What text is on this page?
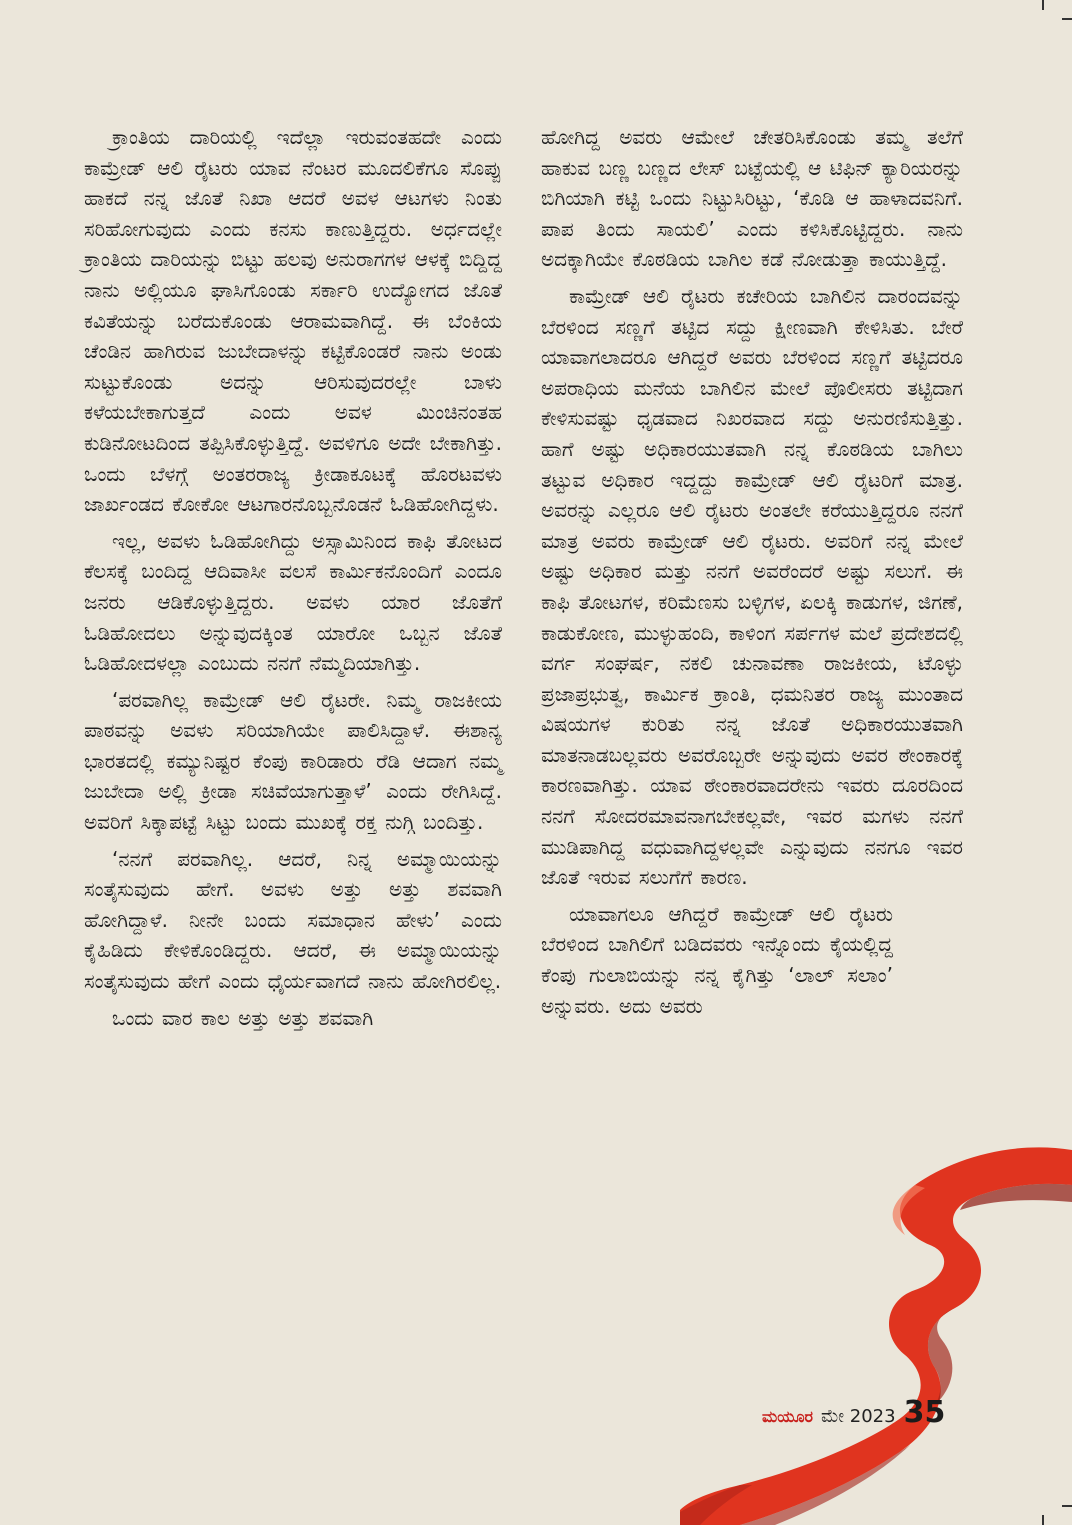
ಕ್ರಾಂತಿಯ ದಾರಿಯಲ್ಲಿ ಇದೆಲ್ಲಾ ಇರುವಂತಹದೇ ಎಂದು ಕಾಮ್ರೇಡ್ ಆಲಿ ರೈಟರು ಯಾವ ನೆಂಟರ ಮೂದಲಿಕೆಗೂ ಸೊಪ್ಪು ಹಾಕದೆ ನನ್ನ ಜೊತೆ ನಿಖಾ ಆದರೆ ಅವಳ ಆಟಗಳು ನಿಂತು ಸರಿಹೋಗುವುದು ಎಂದು ಕನಸು ಕಾಣುತ್ತಿದ್ದರು. ಅರ್ಧದಲ್ಲೇ ಕ್ರಾಂತಿಯ ದಾರಿಯನ್ನು ಬಿಟ್ಟು ಹಲವು ಅನುರಾಗಗಳ ಆಳಕ್ಕೆ ಬಿದ್ದಿದ್ದ ನಾನು ಅಲ್ಲಿಯೂ ಘಾಸಿಗೊಂಡು ಸರ್ಕಾರಿ ಉದ್ಯೋಗದ ಜೊತೆ ಕವಿತೆಯನ್ನು ಬರೆದುಕೊಂಡು ಆರಾಮವಾಗಿದ್ದೆ. ಈ ಬೆಂಕಿಯ ಚೆಂಡಿನ ಹಾಗಿರುವ ಜುಬೇದಾಳನ್ನು ಕಟ್ಟಿಕೊಂಡರೆ ನಾನು ಅಂಡು ಸುಟ್ಟುಕೊಂಡು ಅದನ್ನು ಆರಿಸುವುದರಲ್ಲೇ ಬಾಳು ಕಳೆಯಬೇಕಾಗುತ್ತದೆ ಎಂದು ಅವಳ ಮಿಂಚಿನಂತಹ ಕುಡಿನೋಟದಿಂದ ತಪ್ಪಿಸಿಕೊಳ್ಳುತ್ತಿದ್ದೆ. ಅವಳಿಗೂ ಅದೇ ಬೇಕಾಗಿತ್ತು. ಒಂದು ಬೆಳಗ್ಗೆ ಅಂತರರಾಜ್ಯ ಕ್ರೀಡಾಕೂಟಕ್ಕೆ ಹೊರಟವಳು ಜಾರ್ಖಂಡದ ಕೋಕೋ ಆಟಗಾರನೊಬ್ಬನೊಡನೆ ಓಡಿಹೋಗಿದ್ದಳು.

ಇಲ್ಲ, ಅವಳು ಓಡಿಹೋಗಿದ್ದು ಅಸ್ಸಾಮಿನಿಂದ ಕಾಫಿ ತೋಟದ ಕೆಲಸಕ್ಕೆ ಬಂದಿದ್ದ ಆದಿವಾಸೀ ವಲಸೆ ಕಾರ್ಮಿಕನೊಂದಿಗೆ ಎಂದೂ ಜನರು ಆಡಿಕೊಳ್ಳುತ್ತಿದ್ದರು. ಅವಳು ಯಾರ ಜೊತೆಗೆ ಓಡಿಹೋದಲು ಅನ್ನುವುದಕ್ಕಿಂತ ಯಾರೋ ಒಬ್ಬನ ಜೊತೆ ಓಡಿಹೋದಳಲ್ಲಾ ಎಂಬುದು ನನಗೆ ನೆಮ್ಮದಿಯಾಗಿತ್ತು.

‘ಪರವಾಗಿಲ್ಲ ಕಾಮ್ರೇಡ್ ಆಲಿ ರೈಟರೇ. ನಿಮ್ಮ ರಾಜಕೀಯ ಪಾಠವನ್ನು ಅವಳು ಸರಿಯಾಗಿಯೇ ಪಾಲಿಸಿದ್ದಾಳೆ. ಈಶಾನ್ಯ ಭಾರತದಲ್ಲಿ ಕಮ್ಯುನಿಷ್ಟರ ಕೆಂಪು ಕಾರಿಡಾರು ರೆಡಿ ಆದಾಗ ನಮ್ಮ ಜುಬೇದಾ ಅಲ್ಲಿ ಕ್ರೀಡಾ ಸಚಿವೆಯಾಗುತ್ತಾಳೆ’ ಎಂದು ರೇಗಿಸಿದ್ದೆ. ಅವರಿಗೆ ಸಿಕ್ಕಾಪಟ್ಟೆ ಸಿಟ್ಟು ಬಂದು ಮುಖಕ್ಕೆ ರಕ್ತ ನುಗ್ಗಿ ಬಂದಿತ್ತು.

‘ನನಗೆ ಪರವಾಗಿಲ್ಲ. ಆದರೆ, ನಿನ್ನ ಅಮ್ಮಾಯಿಯನ್ನು ಸಂತೈಸುವುದು ಹೇಗೆ. ಅವಳು ಅತ್ತು ಅತ್ತು ಶವವಾಗಿ ಹೋಗಿದ್ದಾಳೆ. ನೀನೇ ಬಂದು ಸಮಾಧಾನ ಹೇಳು’ ಎಂದು ಕೈಹಿಡಿದು ಕೇಳಿಕೊಂಡಿದ್ದರು. ಆದರೆ, ಈ ಅಮ್ಮಾಯಿಯನ್ನು ಸಂತೈಸುವುದು ಹೇಗೆ ಎಂದು ಧೈರ್ಯವಾಗದೆ ನಾನು ಹೋಗಿರಲಿಲ್ಲ.

ಒಂದು ವಾರ ಕಾಲ ಅತ್ತು ಅತ್ತು ಶವವಾಗಿ

ಹೋಗಿದ್ದ ಅವರು ಆಮೇಲೆ ಚೇತರಿಸಿಕೊಂಡು ತಮ್ಮ ತಲೆಗೆ ಹಾಕುವ ಬಣ್ಣ ಬಣ್ಣದ ಲೇಸ್ ಬಟ್ಟೆಯಲ್ಲಿ ಆ ಟಿಫಿನ್ ಕ್ಯಾರಿಯರನ್ನು ಬಿಗಿಯಾಗಿ ಕಟ್ಟಿ ಒಂದು ನಿಟ್ಟುಸಿರಿಟ್ಟು, ‘ಕೊಡಿ ಆ ಹಾಳಾದವನಿಗೆ. ಪಾಪ ತಿಂದು ಸಾಯಲಿ’ ಎಂದು ಕಳಿಸಿಕೊಟ್ಟಿದ್ದರು. ನಾನು ಅದಕ್ಕಾಗಿಯೇ ಕೊಠಡಿಯ ಬಾಗಿಲ ಕಡೆ ನೋಡುತ್ತಾ ಕಾಯುತ್ತಿದ್ದೆ.

ಕಾಮ್ರೇಡ್ ಆಲಿ ರೈಟರು ಕಚೇರಿಯ ಬಾಗಿಲಿನ ದಾರಂದವನ್ನು ಬೆರಳಿಂದ ಸಣ್ಣಗೆ ತಟ್ಟಿದ ಸದ್ದು ಕ್ಷೀಣವಾಗಿ ಕೇಳಿಸಿತು. ಬೇರೆ ಯಾವಾಗಲಾದರೂ ಆಗಿದ್ದರೆ ಅವರು ಬೆರಳಿಂದ ಸಣ್ಣಗೆ ತಟ್ಟಿದರೂ ಅಪರಾಧಿಯ ಮನೆಯ ಬಾಗಿಲಿನ ಮೇಲೆ ಪೊಲೀಸರು ತಟ್ಟಿದಾಗ ಕೇಳಿಸುವಷ್ಟು ಧೃಡವಾದ ನಿಖರವಾದ ಸದ್ದು ಅನುರಣಿಸುತ್ತಿತ್ತು. ಹಾಗೆ ಅಷ್ಟು ಅಧಿಕಾರಯುತವಾಗಿ ನನ್ನ ಕೊಠಡಿಯ ಬಾಗಿಲು ತಟ್ಟುವ ಅಧಿಕಾರ ಇದ್ದದ್ದು ಕಾಮ್ರೇಡ್ ಆಲಿ ರೈಟರಿಗೆ ಮಾತ್ರ. ಅವರನ್ನು ಎಲ್ಲರೂ ಆಲಿ ರೈಟರು ಅಂತಲೇ ಕರೆಯುತ್ತಿದ್ದರೂ ನನಗೆ ಮಾತ್ರ ಅವರು ಕಾಮ್ರೇಡ್ ಆಲಿ ರೈಟರು. ಅವರಿಗೆ ನನ್ನ ಮೇಲೆ ಅಷ್ಟು ಅಧಿಕಾರ ಮತ್ತು ನನಗೆ ಅವರೆಂದರೆ ಅಷ್ಟು ಸಲುಗೆ. ಈ ಕಾಫಿ ತೋಟಗಳ, ಕರಿಮೆಣಸು ಬಳ್ಳಿಗಳ, ಏಲಕ್ಕಿ ಕಾಡುಗಳ, ಜಿಗಣೆ, ಕಾಡುಕೋಣ, ಮುಳ್ಳುಹಂದಿ, ಕಾಳಿಂಗ ಸರ್ಪಗಳ ಮಲೆ ಪ್ರದೇಶದಲ್ಲಿ ವರ್ಗ ಸಂಘರ್ಷ, ನಕಲಿ ಚುನಾವಣಾ ರಾಜಕೀಯ, ಟೊಳ್ಳು ಪ್ರಜಾಪ್ರಭುತ್ವ, ಕಾರ್ಮಿಕ ಕ್ರಾಂತಿ, ಧಮನಿತರ ರಾಜ್ಯ ಮುಂತಾದ ವಿಷಯಗಳ ಕುರಿತು ನನ್ನ ಜೊತೆ ಅಧಿಕಾರಯುತವಾಗಿ ಮಾತನಾಡಬಲ್ಲವರು ಅವರೊಬ್ಬರೇ ಅನ್ನುವುದು ಅವರ ಠೇಂಕಾರಕ್ಕೆ ಕಾರಣವಾಗಿತ್ತು. ಯಾವ ಠೇಂಕಾರವಾದರೇನು ಇವರು ದೂರದಿಂದ ನನಗೆ ಸೋದರಮಾವನಾಗಬೇಕಲ್ಲವೇ, ಇವರ ಮಗಳು ನನಗೆ ಮುಡಿಪಾಗಿದ್ದ ವಧುವಾಗಿದ್ದಳಲ್ಲವೇ ಎನ್ನುವುದು ನನಗೂ ಇವರ ಜೊತೆ ಇರುವ ಸಲುಗೆಗೆ ಕಾರಣ.

ಯಾವಾಗಲೂ ಆಗಿದ್ದರೆ ಕಾಮ್ರೇಡ್ ಆಲಿ ರೈಟರು ಬೆರಳಿಂದ ಬಾಗಿಲಿಗೆ ಬಡಿದವರು ಇನ್ನೊಂದು ಕೈಯಲ್ಲಿದ್ದ ಕೆಂಪು ಗುಲಾಬಿಯನ್ನು ನನ್ನ ಕೈಗಿತ್ತು ‘ಲಾಲ್ ಸಲಾಂ’ ಅನ್ನುವರು. ಅದು ಅವರು

ಮಯೂರ ಮೇ 2023 35
